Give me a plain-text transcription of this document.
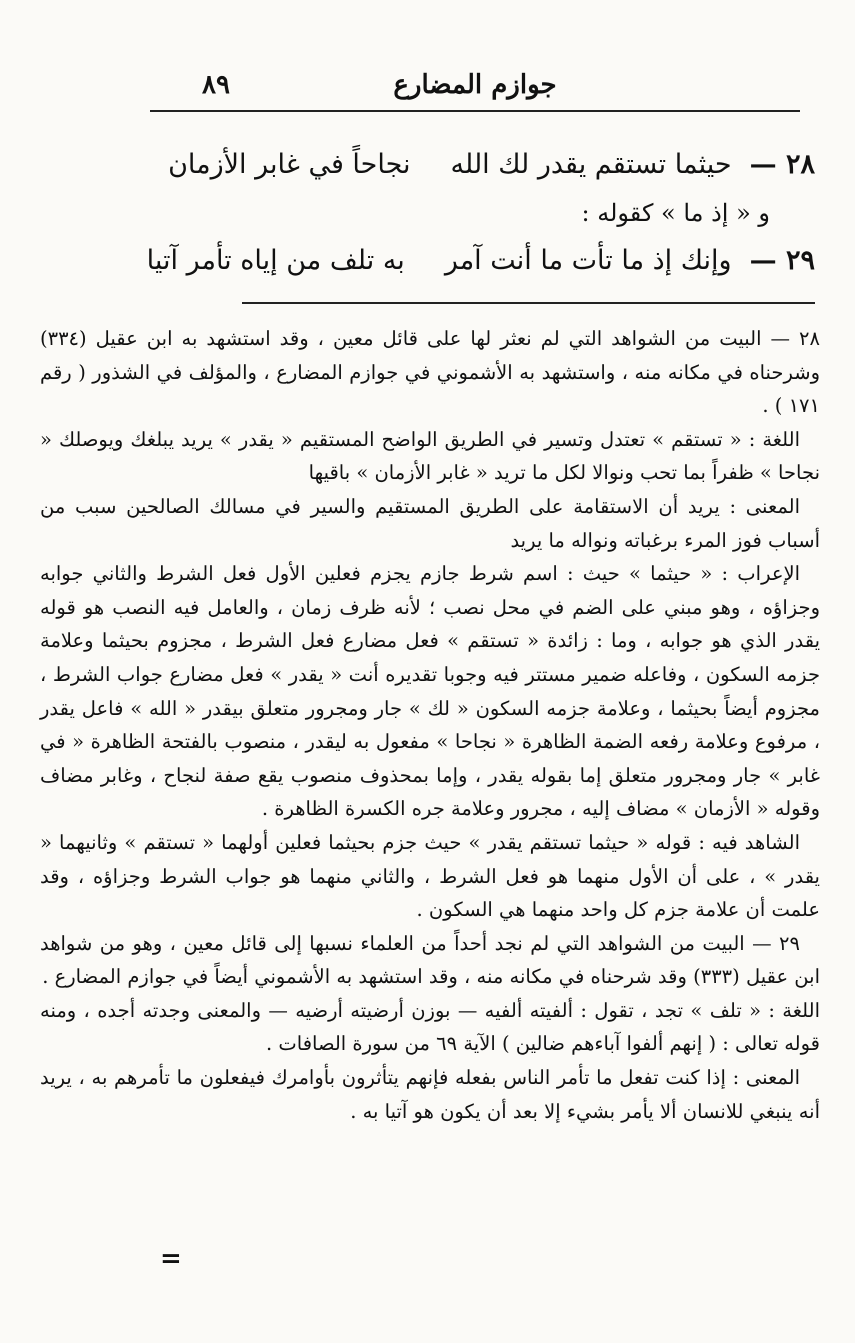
٨٩	جوازم المضارع
٢٨ —حيثما تستقم يقدر لك اللهنجاحاً في غابر الأزمان
و « إذ ما » كقوله :
٢٩ —وإنك إذ ما تأت ما أنت آمربه تلف من إياه تأمر آتيا

٢٨ — البيت من الشواهد التي لم نعثر لها على قائل معين ، وقد استشهد به ابن عقيل (٣٣٤) وشرحناه في مكانه منه ، واستشهد به الأشموني في جوازم المضارع ، والمؤلف في الشذور ( رقم ١٧١ ) .

اللغة : « تستقم » تعتدل وتسير في الطريق الواضح المستقيم « يقدر » يريد يبلغك ويوصلك « نجاحا » ظفراً بما تحب ونوالا لكل ما تريد « غابر الأزمان » باقيها

المعنى : يريد أن الاستقامة على الطريق المستقيم والسير في مسالك الصالحين سبب من أسباب فوز المرء برغباته ونواله ما يريد

الإعراب : « حيثما » حيث : اسم شرط جازم يجزم فعلين الأول فعل الشرط والثاني جوابه وجزاؤه ، وهو مبني على الضم في محل نصب ؛ لأنه ظرف زمان ، والعامل فيه النصب هو قوله يقدر الذي هو جوابه ، وما : زائدة « تستقم » فعل مضارع فعل الشرط ، مجزوم بحيثما وعلامة جزمه السكون ، وفاعله ضمير مستتر فيه وجوبا تقديره أنت « يقدر » فعل مضارع جواب الشرط ، مجزوم أيضاً بحيثما ، وعلامة جزمه السكون « لك » جار ومجرور متعلق بيقدر « الله » فاعل يقدر ، مرفوع وعلامة رفعه الضمة الظاهرة « نجاحا » مفعول به ليقدر ، منصوب بالفتحة الظاهرة « في غابر » جار ومجرور متعلق إما بقوله يقدر ، وإما بمحذوف منصوب يقع صفة لنجاح ، وغابر مضاف وقوله « الأزمان » مضاف إليه ، مجرور وعلامة جره الكسرة الظاهرة .

الشاهد فيه : قوله « حيثما تستقم يقدر » حيث جزم بحيثما فعلين أولهما « تستقم » وثانيهما « يقدر » ، على أن الأول منهما هو فعل الشرط ، والثاني منهما هو جواب الشرط وجزاؤه ، وقد علمت أن علامة جزم كل واحد منهما هي السكون .

٢٩ — البيت من الشواهد التي لم نجد أحداً من العلماء نسبها إلى قائل معين ، وهو من شواهد ابن عقيل (٣٣٣) وقد شرحناه في مكانه منه ، وقد استشهد به الأشموني أيضاً في جوازم المضارع .

اللغة : « تلف » تجد ، تقول : ألفيته ألفيه — بوزن أرضيته أرضيه — والمعنى وجدته أجده ، ومنه قوله تعالى : ( إنهم ألفوا آباءهم ضالين ) الآية ٦٩ من سورة الصافات .

المعنى : إذا كنت تفعل ما تأمر الناس بفعله فإنهم يتأثرون بأوامرك فيفعلون ما تأمرهم به ، يريد أنه ينبغي للانسان ألا يأمر بشيء إلا بعد أن يكون هو آتيا به .

=
